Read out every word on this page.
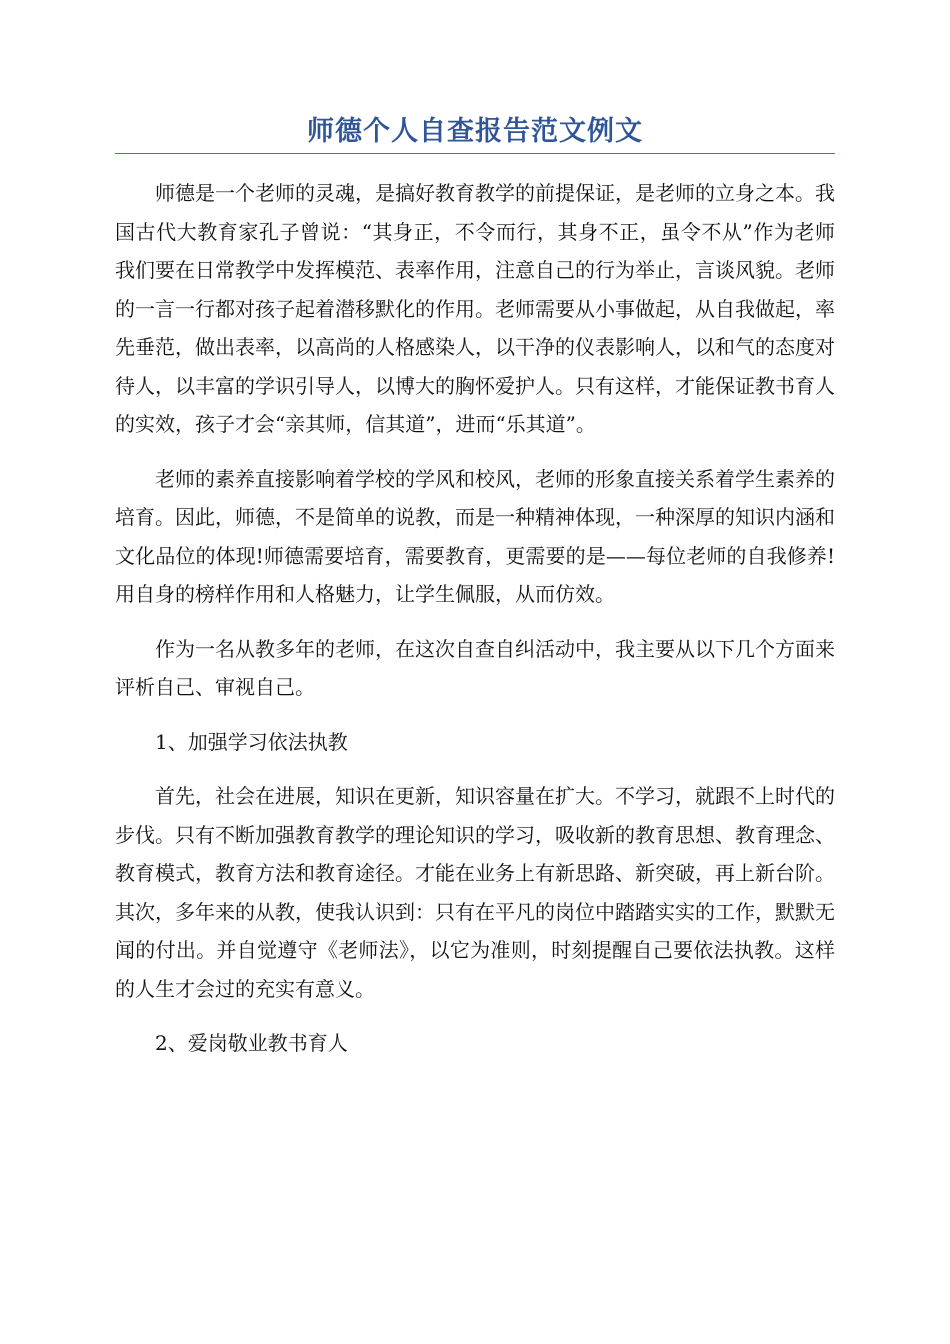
师德个人自查报告范文例文

师德是一个老师的灵魂，是搞好教育教学的前提保证，是老师的立身之本。我国古代大教育家孔子曾说：“其身正，不令而行，其身不正，虽令不从”作为老师我们要在日常教学中发挥模范、表率作用，注意自己的行为举止，言谈风貌。老师的一言一行都对孩子起着潜移默化的作用。老师需要从小事做起，从自我做起，率先垂范，做出表率，以高尚的人格感染人，以干净的仪表影响人，以和气的态度对待人，以丰富的学识引导人，以博大的胸怀爱护人。只有这样，才能保证教书育人的实效，孩子才会“亲其师，信其道”，进而“乐其道”。

老师的素养直接影响着学校的学风和校风，老师的形象直接关系着学生素养的培育。因此，师德，不是简单的说教，而是一种精神体现，一种深厚的知识内涵和文化品位的体现!师德需要培育，需要教育，更需要的是——每位老师的自我修养!用自身的榜样作用和人格魅力，让学生佩服，从而仿效。

作为一名从教多年的老师，在这次自查自纠活动中，我主要从以下几个方面来评析自己、审视自己。

1、加强学习依法执教

首先，社会在进展，知识在更新，知识容量在扩大。不学习，就跟不上时代的步伐。只有不断加强教育教学的理论知识的学习，吸收新的教育思想、教育理念、教育模式，教育方法和教育途径。才能在业务上有新思路、新突破，再上新台阶。其次，多年来的从教，使我认识到：只有在平凡的岗位中踏踏实实的工作，默默无闻的付出。并自觉遵守《老师法》，以它为准则，时刻提醒自己要依法执教。这样的人生才会过的充实有意义。

2、爱岗敬业教书育人
